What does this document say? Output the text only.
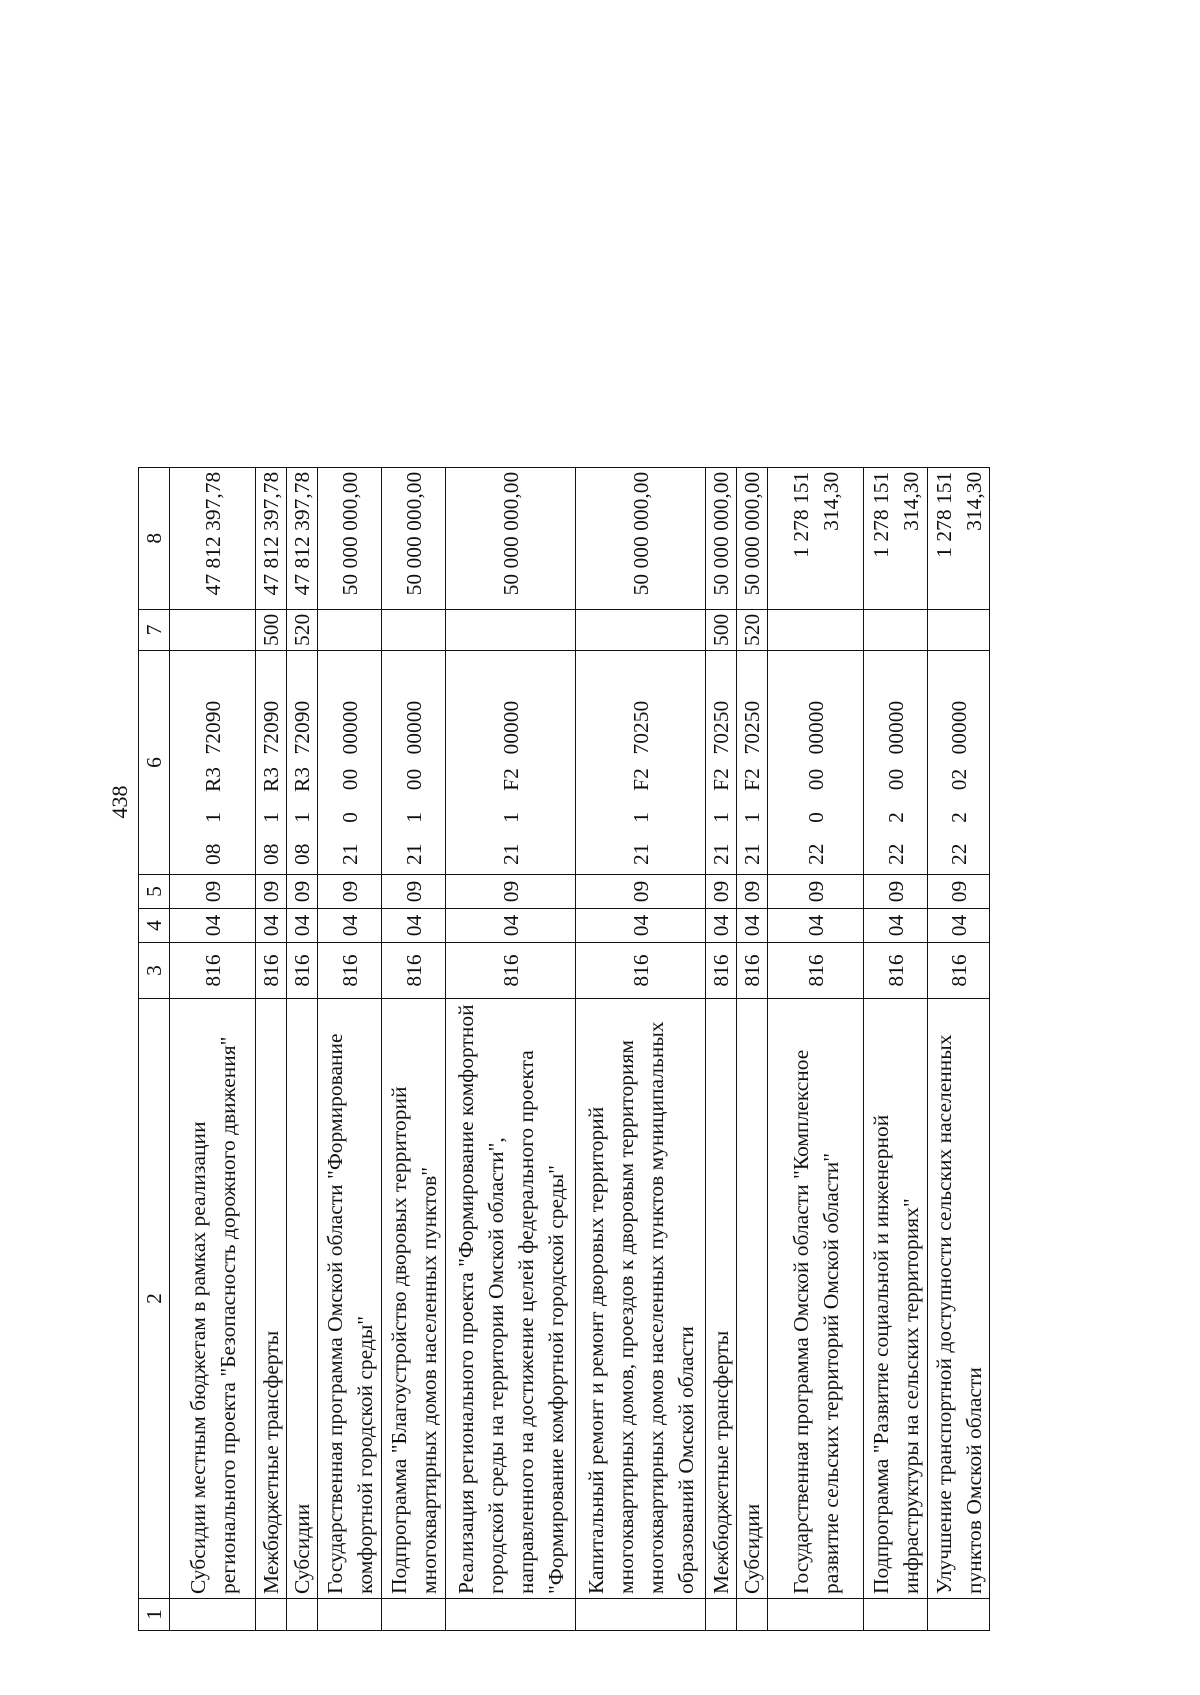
438
1	2	3	4	5	6				7	8
	Субсидии местным бюджетам в рамках реализации регионального проекта "Безопасность дорожного движения"	816	04	09	08	1	R3	72090		47 812 397,78
	Межбюджетные трансферты	816	04	09	08	1	R3	72090	500	47 812 397,78
	Субсидии	816	04	09	08	1	R3	72090	520	47 812 397,78
	Государственная программа Омской области "Формирование комфортной городской среды"	816	04	09	21	0	00	00000		50 000 000,00
	Подпрограмма "Благоустройство дворовых территорий многоквартирных домов населенных пунктов"	816	04	09	21	1	00	00000		50 000 000,00
	Реализация регионального проекта "Формирование комфортной городской среды на территории Омской области", направленного на достижение целей федерального проекта "Формирование комфортной городской среды"	816	04	09	21	1	F2	00000		50 000 000,00
	Капитальный ремонт и ремонт дворовых территорий многоквартирных домов, проездов к дворовым территориям многоквартирных домов населенных пунктов муниципальных образований Омской области	816	04	09	21	1	F2	70250		50 000 000,00
	Межбюджетные трансферты	816	04	09	21	1	F2	70250	500	50 000 000,00
	Субсидии	816	04	09	21	1	F2	70250	520	50 000 000,00
	Государственная программа Омской области "Комплексное развитие сельских территорий Омской области"	816	04	09	22	0	00	00000		1 278 151 314,30
	Подпрограмма "Развитие социальной и инженерной инфраструктуры на сельских территориях"	816	04	09	22	2	00	00000		1 278 151 314,30
	Улучшение транспортной доступности сельских населенных пунктов Омской области	816	04	09	22	2	02	00000		1 278 151 314,30
